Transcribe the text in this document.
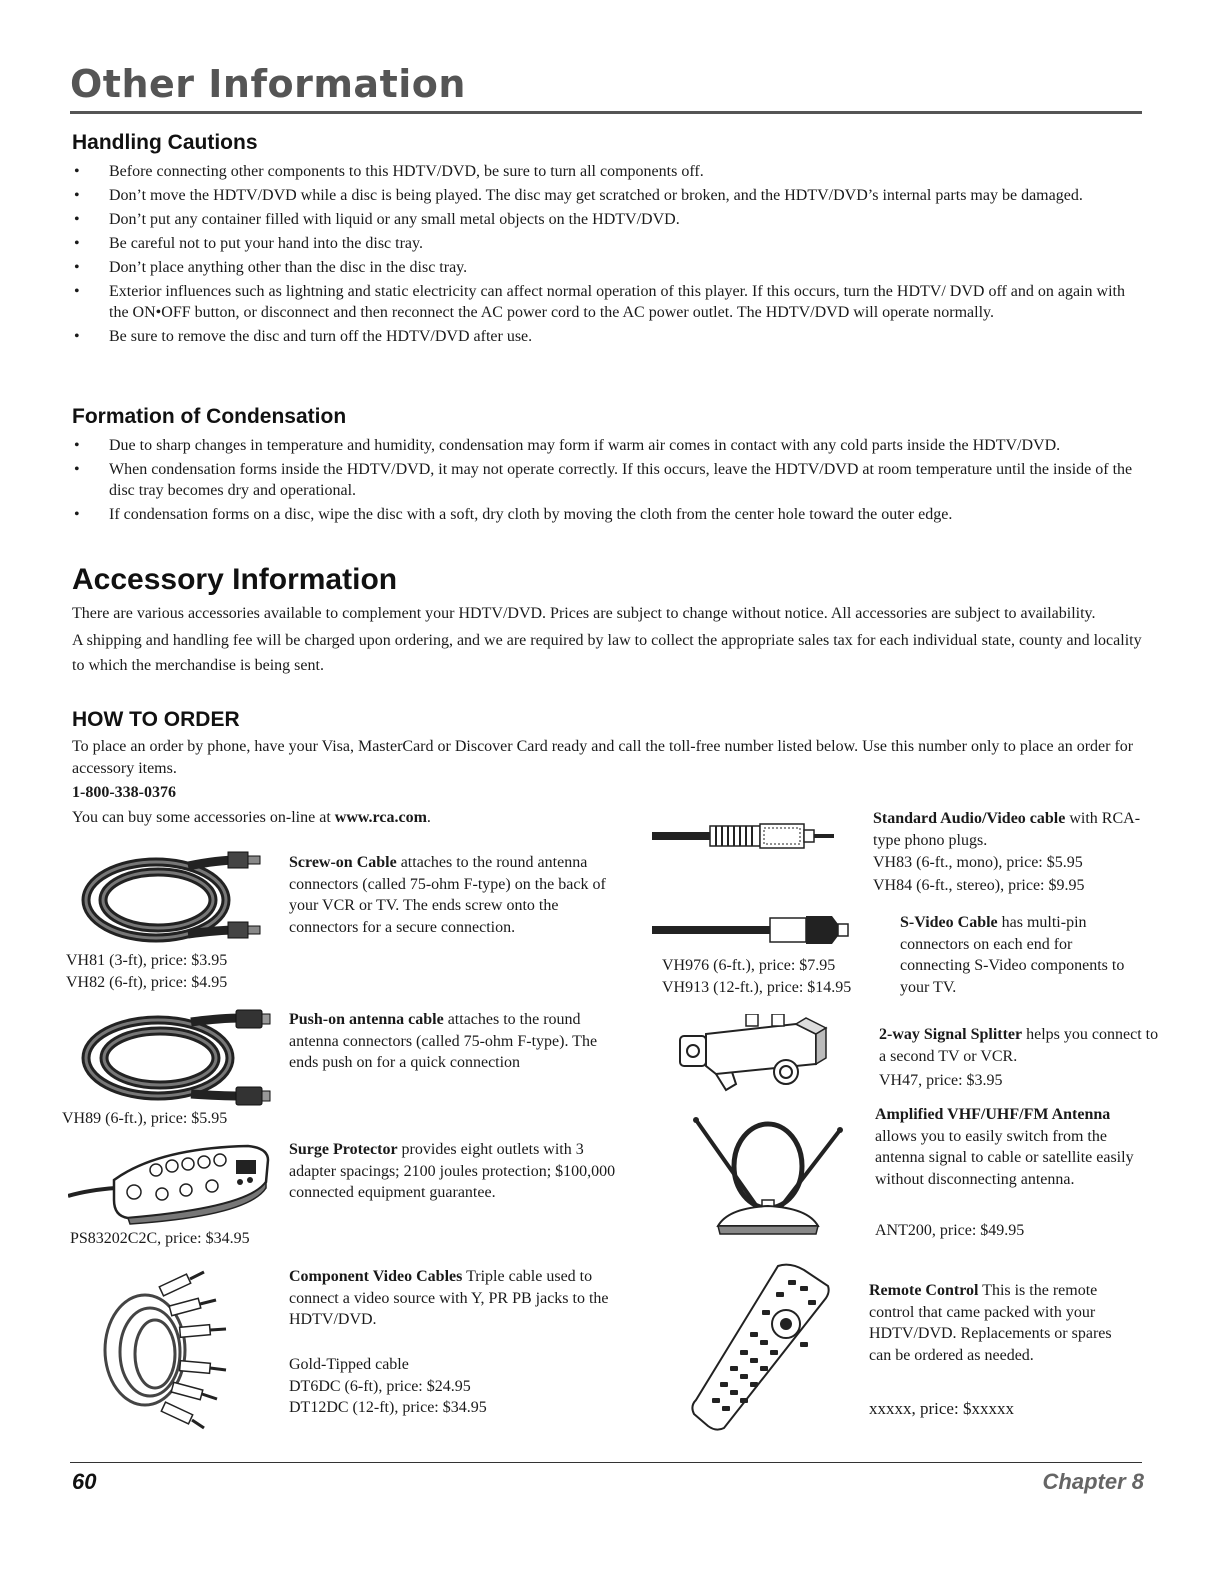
Other Information
Handling Cautions
• Before connecting other components to this HDTV/DVD, be sure to turn all components off.
• Don’t move the HDTV/DVD while a disc is being played. The disc may get scratched or broken, and the HDTV/DVD’s internal parts may be damaged.
• Don’t put any container filled with liquid or any small metal objects on the HDTV/DVD.
• Be careful not to put your hand into the disc tray.
• Don’t place anything other than the disc in the disc tray.
• Exterior influences such as lightning and static electricity can affect normal operation of this player. If this occurs, turn the HDTV/ DVD off and on again with the ON•OFF button, or disconnect and then reconnect the AC power cord to the AC power outlet. The HDTV/DVD will operate normally.
• Be sure to remove the disc and turn off the HDTV/DVD after use.
Formation of Condensation
• Due to sharp changes in temperature and humidity, condensation may form if warm air comes in contact with any cold parts inside the HDTV/DVD.
• When condensation forms inside the HDTV/DVD, it may not operate correctly. If this occurs, leave the HDTV/DVD at room temperature until the inside of the disc tray becomes dry and operational.
• If condensation forms on a disc, wipe the disc with a soft, dry cloth by moving the cloth from the center hole toward the outer edge.
Accessory Information

There are various accessories available to complement your HDTV/DVD. Prices are subject to change without notice. All accessories are subject to availability.

A shipping and handling fee will be charged upon ordering, and we are required by law to collect the appropriate sales tax for each individual state, county and locality to which the merchandise is being sent.

HOW TO ORDER

To place an order by phone, have your Visa, MasterCard or Discover Card ready and call the toll-free number listed below. Use this number only to place an order for accessory items.

1-800-338-0376

You can buy some accessories on-line at www.rca.com.

VH81 (3-ft), price: $3.95
VH82 (6-ft), price: $4.95
Screw-on Cable attaches to the round antenna connectors (called 75-ohm F-type) on the back of your VCR or TV. The ends screw onto the connectors for a secure connection.
VH89 (6-ft.), price: $5.95
Push-on antenna cable attaches to the round antenna connectors (called 75-ohm F-type). The ends push on for a quick connection
PS83202C2C, price: $34.95
Surge Protector provides eight outlets with 3 adapter spacings; 2100 joules protection; $100,000 connected equipment guarantee.
Component Video Cables Triple cable used to connect a video source with Y, PR PB jacks to the HDTV/DVD.
Gold-Tipped cable
DT6DC (6-ft), price: $24.95
DT12DC (12-ft), price: $34.95
Standard Audio/Video cable with RCA-type phono plugs.
VH83 (6-ft., mono), price: $5.95
VH84 (6-ft., stereo), price: $9.95
VH976 (6-ft.), price: $7.95
VH913 (12-ft.), price: $14.95
S-Video Cable has multi-pin connectors on each end for connecting S-Video components to your TV.
2-way Signal Splitter helps you connect to a second TV or VCR.
VH47, price: $3.95
Amplified VHF/UHF/FM Antenna allows you to easily switch from the antenna signal to cable or satellite easily without disconnecting antenna.
ANT200, price: $49.95
Remote Control This is the remote control that came packed with your HDTV/DVD. Replacements or spares can be ordered as needed.
xxxxx, price: $xxxxx
60	Chapter 8
